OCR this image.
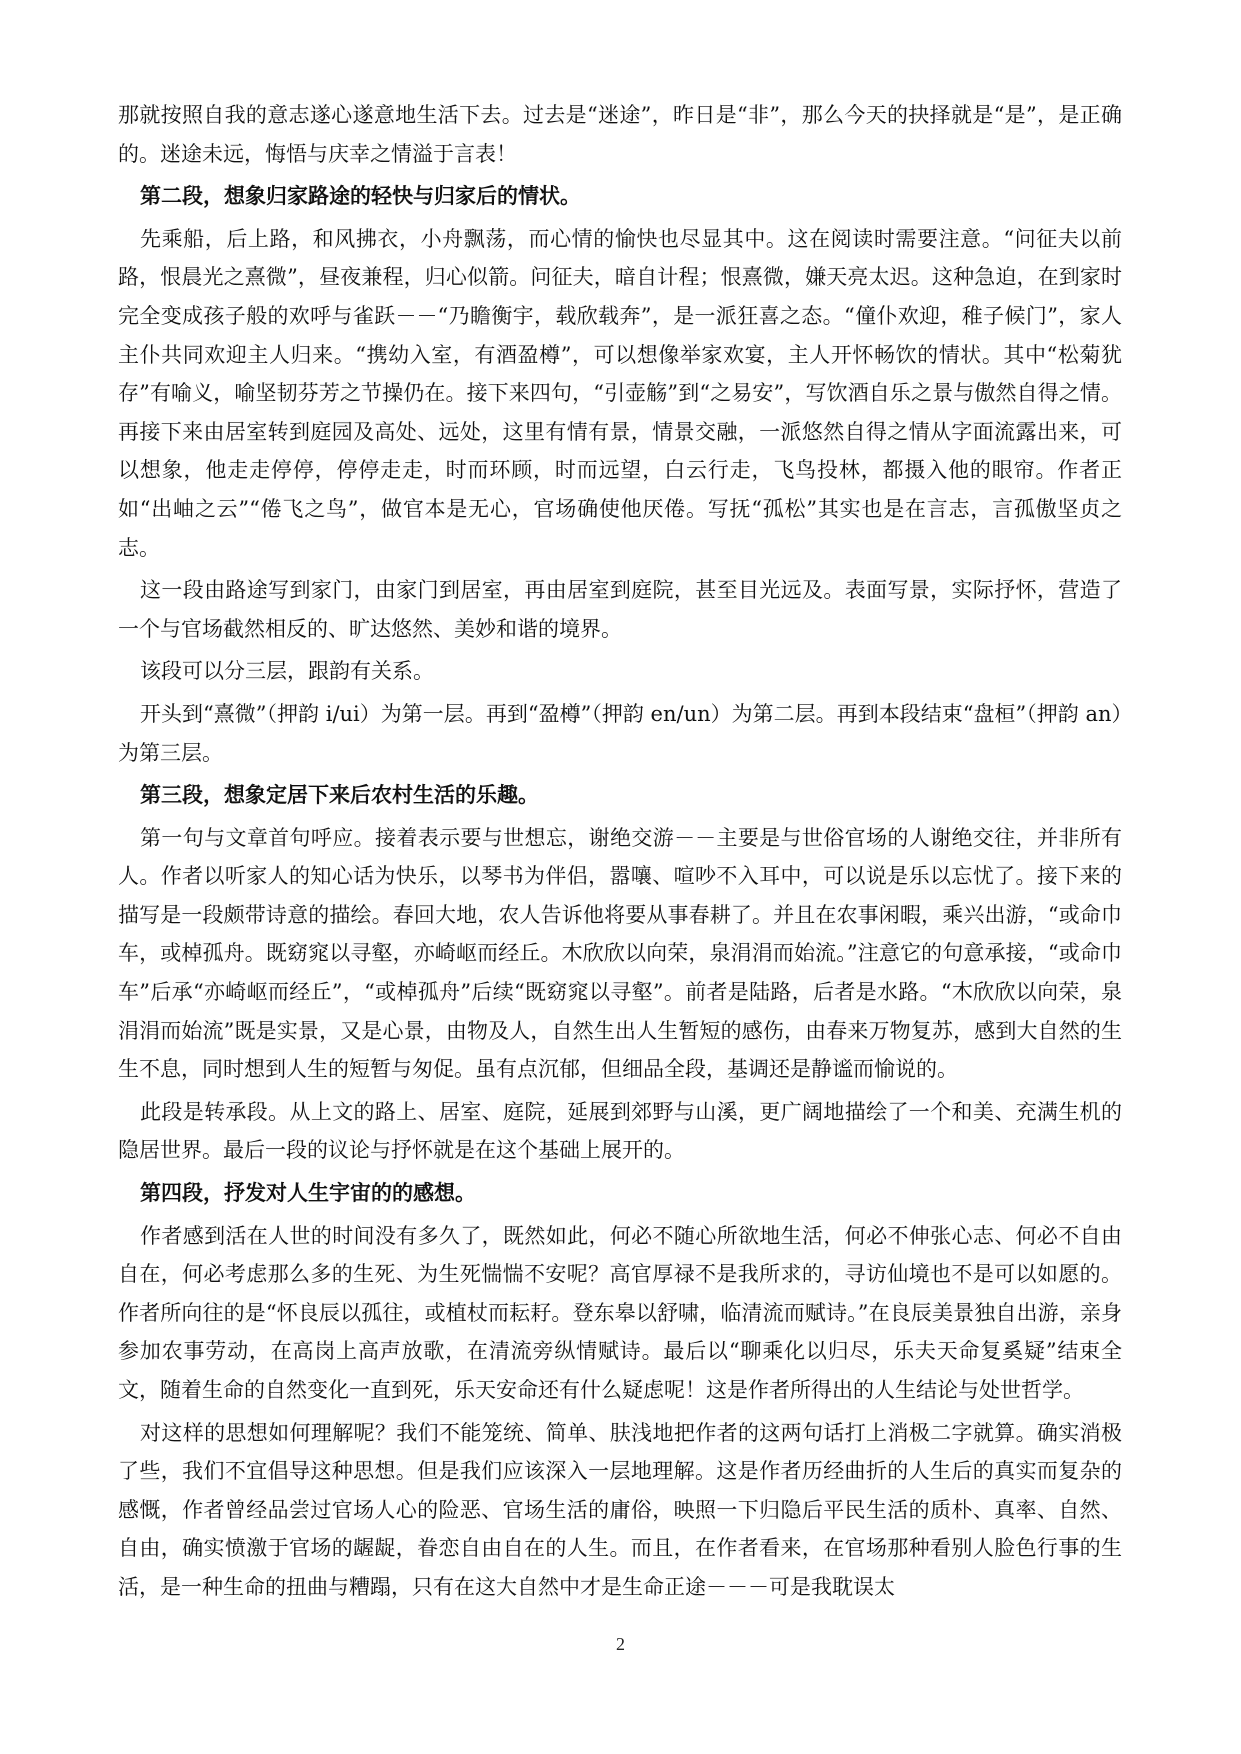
那就按照自我的意志遂心遂意地生活下去。过去是“迷途”，昨日是“非”，那么今天的抉择就是“是”，是正确的。迷途未远，悔悟与庆幸之情溢于言表！

第二段，想象归家路途的轻快与归家后的情状。

先乘船，后上路，和风拂衣，小舟飘荡，而心情的愉快也尽显其中。这在阅读时需要注意。“问征夫以前路，恨晨光之熹微”，昼夜兼程，归心似箭。问征夫，暗自计程；恨熹微，嫌天亮太迟。这种急迫，在到家时完全变成孩子般的欢呼与雀跃－－“乃瞻衡宇，载欣载奔”，是一派狂喜之态。“僮仆欢迎，稚子候门”，家人主仆共同欢迎主人归来。“携幼入室，有酒盈樽”，可以想像举家欢宴，主人开怀畅饮的情状。其中“松菊犹存”有喻义，喻坚韧芬芳之节操仍在。接下来四句，“引壶觞”到“之易安”，写饮酒自乐之景与傲然自得之情。再接下来由居室转到庭园及高处、远处，这里有情有景，情景交融，一派悠然自得之情从字面流露出来，可以想象，他走走停停，停停走走，时而环顾，时而远望，白云行走，飞鸟投林，都摄入他的眼帘。作者正如“出岫之云”“倦飞之鸟”，做官本是无心，官场确使他厌倦。写抚“孤松”其实也是在言志，言孤傲坚贞之志。

这一段由路途写到家门，由家门到居室，再由居室到庭院，甚至目光远及。表面写景，实际抒怀，营造了一个与官场截然相反的、旷达悠然、美妙和谐的境界。

该段可以分三层，跟韵有关系。

开头到“熹微”（押韵 i/ui）为第一层。再到“盈樽”（押韵 en/un）为第二层。再到本段结束“盘桓”（押韵 an）为第三层。

第三段，想象定居下来后农村生活的乐趣。

第一句与文章首句呼应。接着表示要与世想忘，谢绝交游－－主要是与世俗官场的人谢绝交往，并非所有人。作者以听家人的知心话为快乐，以琴书为伴侣，嚣嚷、喧吵不入耳中，可以说是乐以忘忧了。接下来的描写是一段颇带诗意的描绘。春回大地，农人告诉他将要从事春耕了。并且在农事闲暇，乘兴出游，“或命巾车，或棹孤舟。既窈窕以寻壑，亦崎岖而经丘。木欣欣以向荣，泉涓涓而始流。”注意它的句意承接，“或命巾车”后承“亦崎岖而经丘”，“或棹孤舟”后续“既窈窕以寻壑”。前者是陆路，后者是水路。“木欣欣以向荣，泉涓涓而始流”既是实景，又是心景，由物及人，自然生出人生暂短的感伤，由春来万物复苏，感到大自然的生生不息，同时想到人生的短暂与匆促。虽有点沉郁，但细品全段，基调还是静谧而愉说的。

此段是转承段。从上文的路上、居室、庭院，延展到郊野与山溪，更广阔地描绘了一个和美、充满生机的隐居世界。最后一段的议论与抒怀就是在这个基础上展开的。

第四段，抒发对人生宇宙的的感想。

作者感到活在人世的时间没有多久了，既然如此，何必不随心所欲地生活，何必不伸张心志、何必不自由自在，何必考虑那么多的生死、为生死惴惴不安呢？高官厚禄不是我所求的，寻访仙境也不是可以如愿的。作者所向往的是“怀良辰以孤往，或植杖而耘耔。登东皋以舒啸，临清流而赋诗。”在良辰美景独自出游，亲身参加农事劳动，在高岗上高声放歌，在清流旁纵情赋诗。最后以“聊乘化以归尽，乐夫天命复奚疑”结束全文，随着生命的自然变化一直到死，乐天安命还有什么疑虑呢！这是作者所得出的人生结论与处世哲学。

对这样的思想如何理解呢？我们不能笼统、简单、肤浅地把作者的这两句话打上消极二字就算。确实消极了些，我们不宜倡导这种思想。但是我们应该深入一层地理解。这是作者历经曲折的人生后的真实而复杂的感慨，作者曾经品尝过官场人心的险恶、官场生活的庸俗，映照一下归隐后平民生活的质朴、真率、自然、自由，确实愤激于官场的龌龊，眷恋自由自在的人生。而且，在作者看来，在官场那种看别人脸色行事的生活，是一种生命的扭曲与糟蹋，只有在这大自然中才是生命正途－－－可是我耽误太

2
